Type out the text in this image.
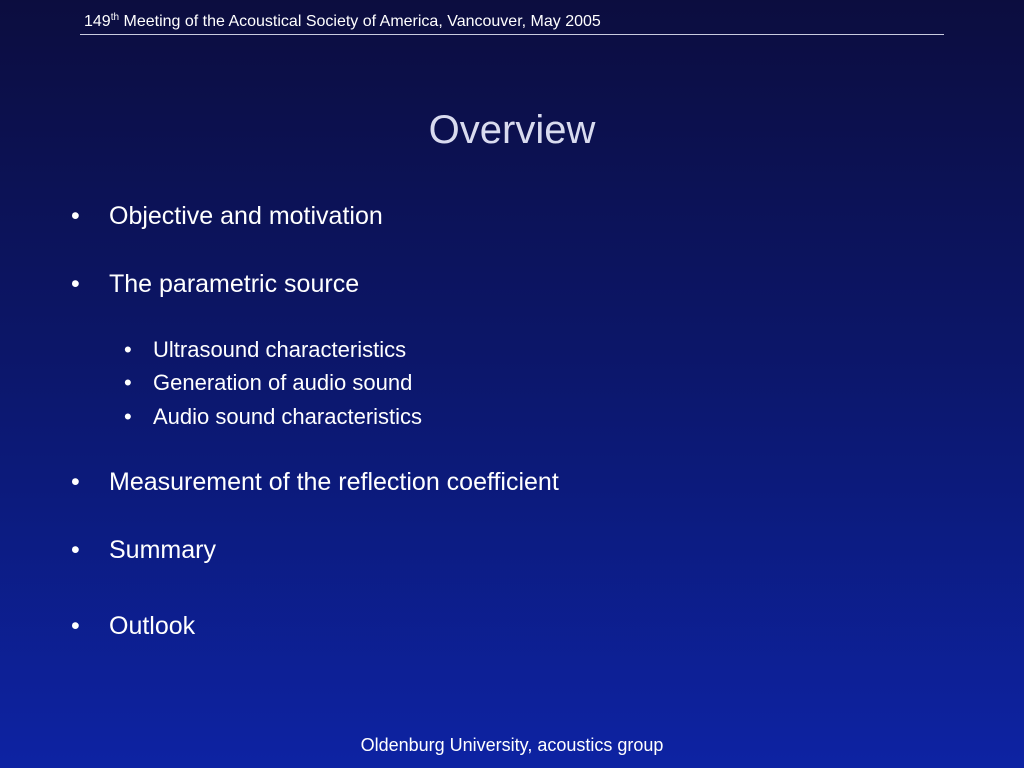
149th Meeting of the Acoustical Society of America, Vancouver, May 2005
Overview
• Objective and motivation
• The parametric source
• Ultrasound characteristics
• Generation of audio sound
• Audio sound characteristics
• Measurement of the reflection coefficient
• Summary
• Outlook
Oldenburg University, acoustics group
